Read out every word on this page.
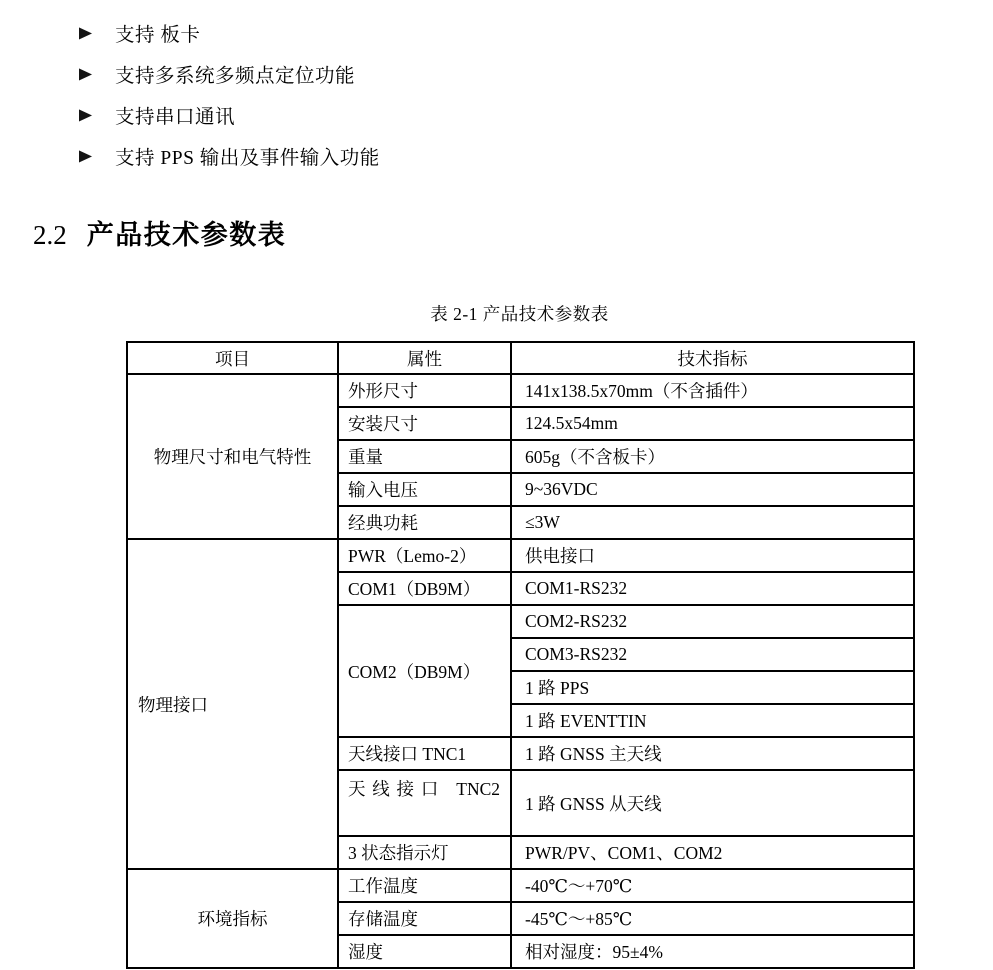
支持 板卡
支持多系统多频点定位功能
支持串口通讯
支持 PPS 输出及事件输入功能
2.2 产品技术参数表
表 2-1 产品技术参数表
项目	属性	技术指标
物理尺寸和电气特性	外形尺寸	141x138.5x70mm（不含插件）
	安装尺寸	124.5x54mm
	重量	605g（不含板卡）
	输入电压	9~36VDC
	经典功耗	≤3W
物理接口	PWR（Lemo-2）	供电接口
	COM1（DB9M）	COM1-RS232
	COM2（DB9M）	COM2-RS232
		COM3-RS232
		1 路 PPS
		1 路 EVENTTIN
	天线接口 TNC1	1 路 GNSS 主天线
	天线接口 TNC2	1 路 GNSS 从天线
	3 状态指示灯	PWR/PV、COM1、COM2
环境指标	工作温度	-40℃～+70℃
	存储温度	-45℃～+85℃
	湿度	相对湿度：95±4%
